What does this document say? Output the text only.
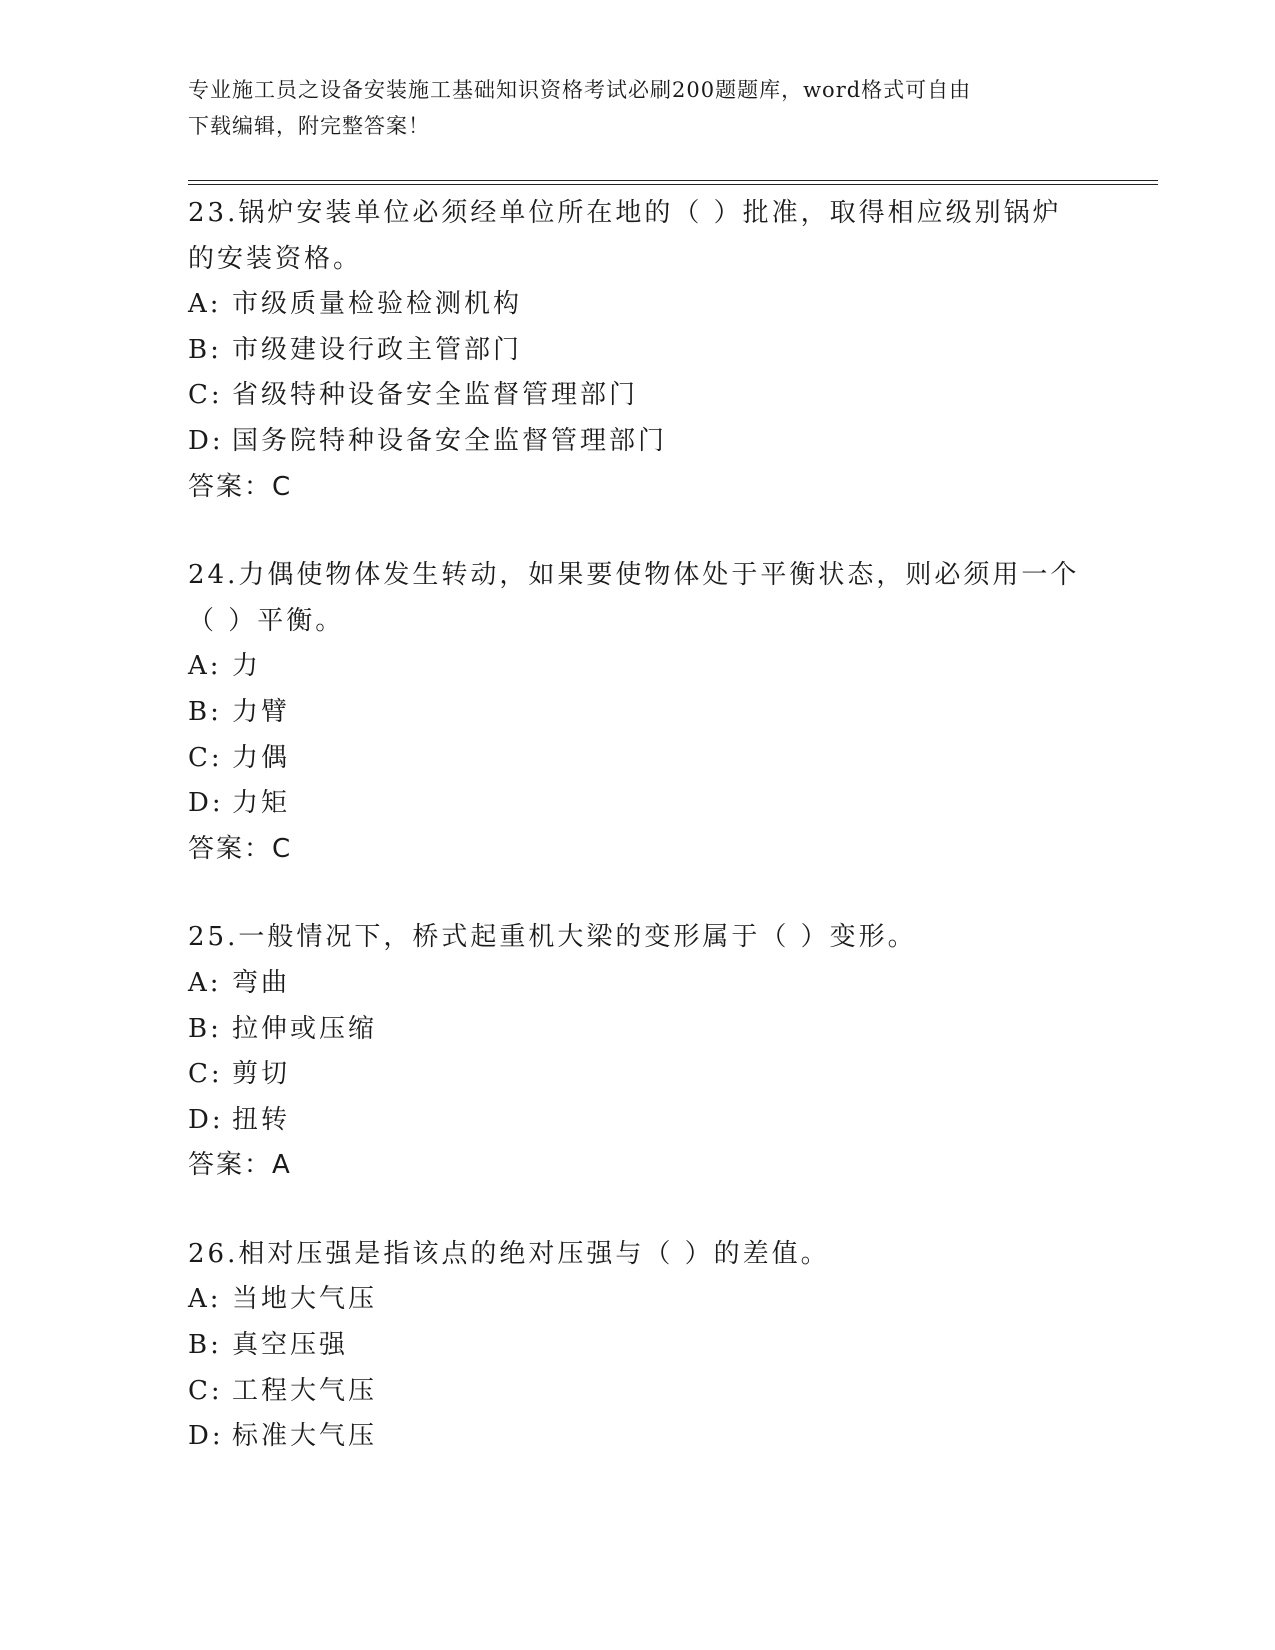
专业施工员之设备安装施工基础知识资格考试必刷200题题库，word格式可自由
下载编辑，附完整答案！
23.锅炉安装单位必须经单位所在地的（ ）批准，取得相应级别锅炉
的安装资格。
A: 市级质量检验检测机构
B: 市级建设行政主管部门
C: 省级特种设备安全监督管理部门
D: 国务院特种设备安全监督管理部门
答案：C
24.力偶使物体发生转动，如果要使物体处于平衡状态，则必须用一个
（ ）平衡。
A: 力
B: 力臂
C: 力偶
D: 力矩
答案：C
25.一般情况下，桥式起重机大梁的变形属于（ ）变形。
A: 弯曲
B: 拉伸或压缩
C: 剪切
D: 扭转
答案：A
26.相对压强是指该点的绝对压强与（ ）的差值。
A: 当地大气压
B: 真空压强
C: 工程大气压
D: 标准大气压
